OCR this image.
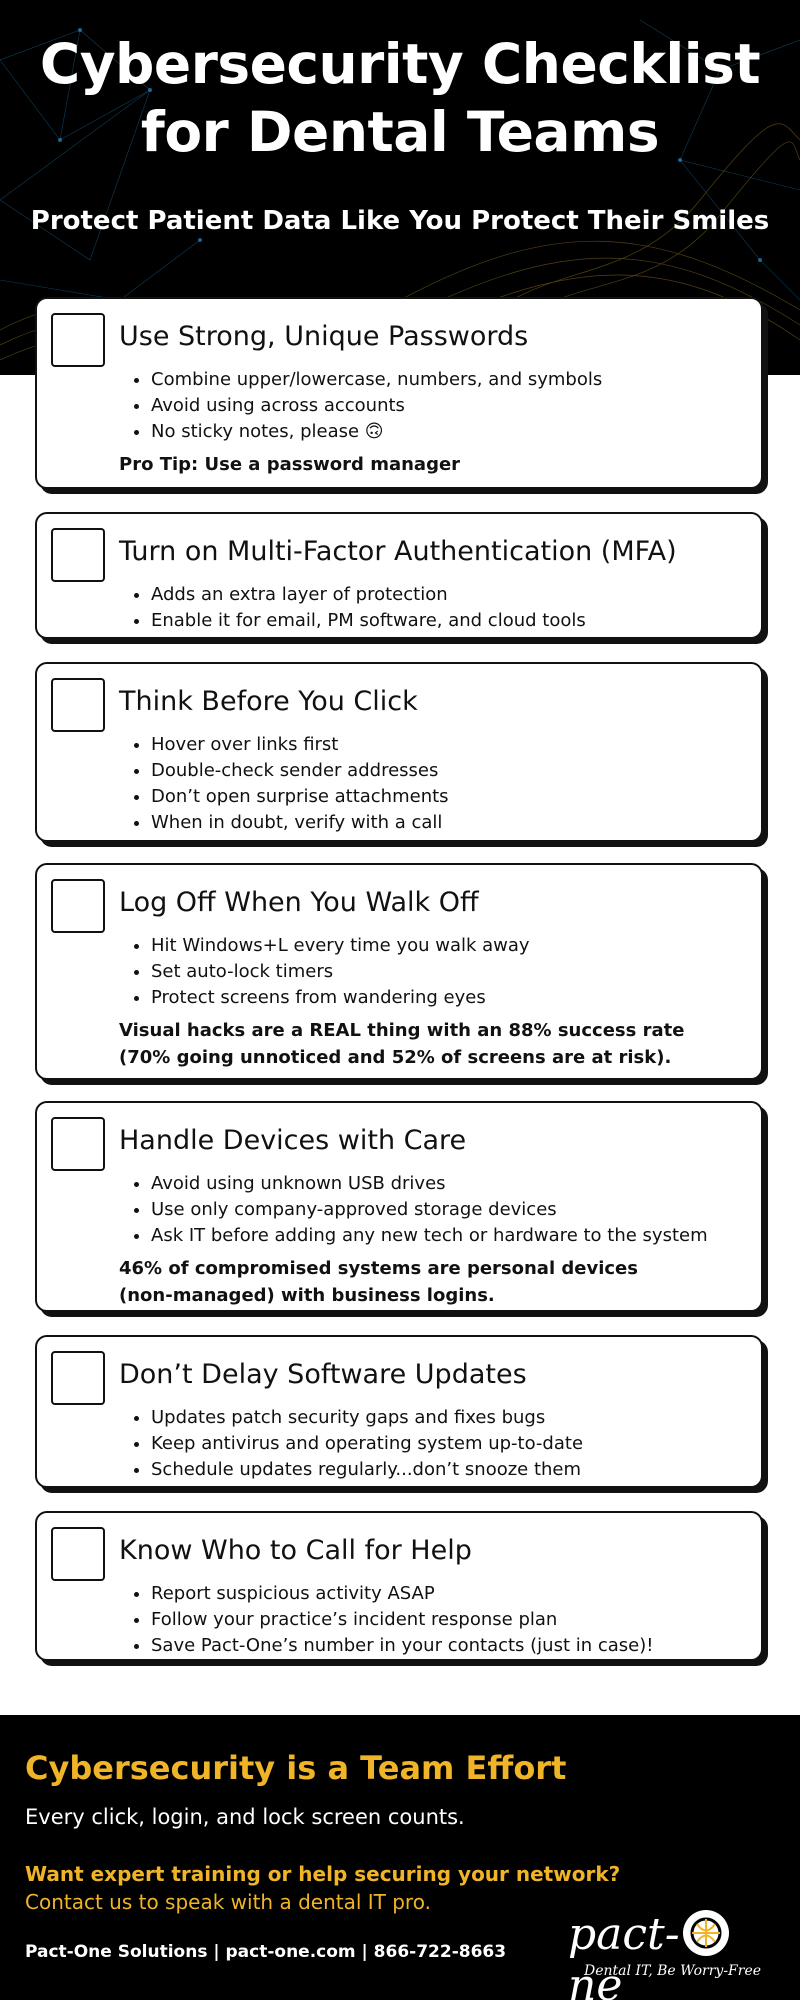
Cybersecurity Checklist
for Dental Teams
Protect Patient Data Like You Protect Their Smiles
Use Strong, Unique Passwords
• Combine upper/lowercase, numbers, and symbols
• Avoid using across accounts
• No sticky notes, please 🙃
Pro Tip: Use a password manager
Turn on Multi-Factor Authentication (MFA)
• Adds an extra layer of protection
• Enable it for email, PM software, and cloud tools
Think Before You Click
• Hover over links first
• Double-check sender addresses
• Don’t open surprise attachments
• When in doubt, verify with a call
Log Off When You Walk Off
• Hit Windows+L every time you walk away
• Set auto-lock timers
• Protect screens from wandering eyes
Visual hacks are a REAL thing with an 88% success rate
(70% going unnoticed and 52% of screens are at risk).
Handle Devices with Care
• Avoid using unknown USB drives
• Use only company-approved storage devices
• Ask IT before adding any new tech or hardware to the system
46% of compromised systems are personal devices
(non-managed) with business logins.
Don’t Delay Software Updates
• Updates patch security gaps and fixes bugs
• Keep antivirus and operating system up-to-date
• Schedule updates regularly...don’t snooze them
Know Who to Call for Help
• Report suspicious activity ASAP
• Follow your practice’s incident response plan
• Save Pact-One’s number in your contacts (just in case)!
Cybersecurity is a Team Effort
Every click, login, and lock screen counts.
Want expert training or help securing your network?
Contact us to speak with a dental IT pro.
Pact-One Solutions | pact-one.com | 866-722-8663 pact-ne
Dental IT, Be Worry-Free
